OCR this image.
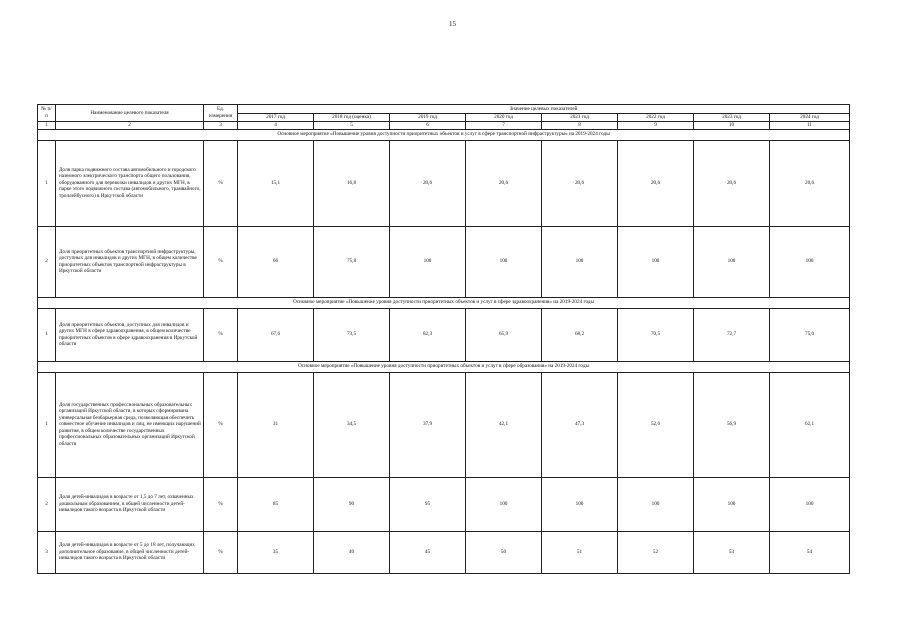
15
№ п/п	Наименование целевого показателя	Ед. измерения	Значение целевых показателей							
			2017 год	2018 год (оценка)	2019 год	2020 год	2021 год	2022 год	2023 год	2024 год
1	2	3	4	5	6	7	8	9	10	11
Основное мероприятие «Повышение уровня доступности приоритетных объектов и услуг в сфере транспортной инфраструктуры» на 2019-2024 годы										
1	Доля парка подвижного состава автомобильного и городского наземного электрического транспорта общего пользования, оборудованного для перевозки инвалидов и других МГН, в парке этого подвижного состава (автомобильного, трамвайного, троллейбусного) в Иркутской области	%	15,1	16,8	20,6	20,6	20,6	20,6	20,6	20,6
2	Доля приоритетных объектов транспортной инфраструктуры, доступных для инвалидов и других МГН, в общем количестве приоритетных объектов транспортной инфраструктуры в Иркутской области	%	66	75,8	100	100	100	100	100	100
Основное мероприятие «Повышение уровня доступности приоритетных объектов и услуг в сфере здравоохранения» на 2019-2024 годы										
1	Доля приоритетных объектов, доступных для инвалидов и других МГН в сфере здравоохранения, в общем количестве приоритетных объектов в сфере здравоохранения в Иркутской области	%	67,6	73,5	82,3	65,9	68,2	70,5	72,7	75,0
Основное мероприятие «Повышение уровня доступности приоритетных объектов и услуг в сфере образования» на 2019-2024 годы										
1	Доля государственных профессиональных образовательных организаций Иркутской области, в которых сформирована универсальная безбарьерная среда, позволяющая обеспечить совместное обучение инвалидов и лиц, не имеющих нарушений развития, в общем количестве государственных профессиональных образовательных организаций Иркутской области	%	31	34,5	37,9	42,1	47,3	52,6	56,9	62,1
2	Доля детей-инвалидов в возрасте от 1,5 до 7 лет, охваченных дошкольным образованием, в общей численности детей-инвалидов такого возраста в Иркутской области	%	85	90	95	100	100	100	100	100
3	Доля детей-инвалидов в возрасте от 5 до 18 лет, получающих дополнительное образование, в общей численности детей-инвалидов такого возраста в Иркутской области	%	35	40	45	50	51	52	53	54
